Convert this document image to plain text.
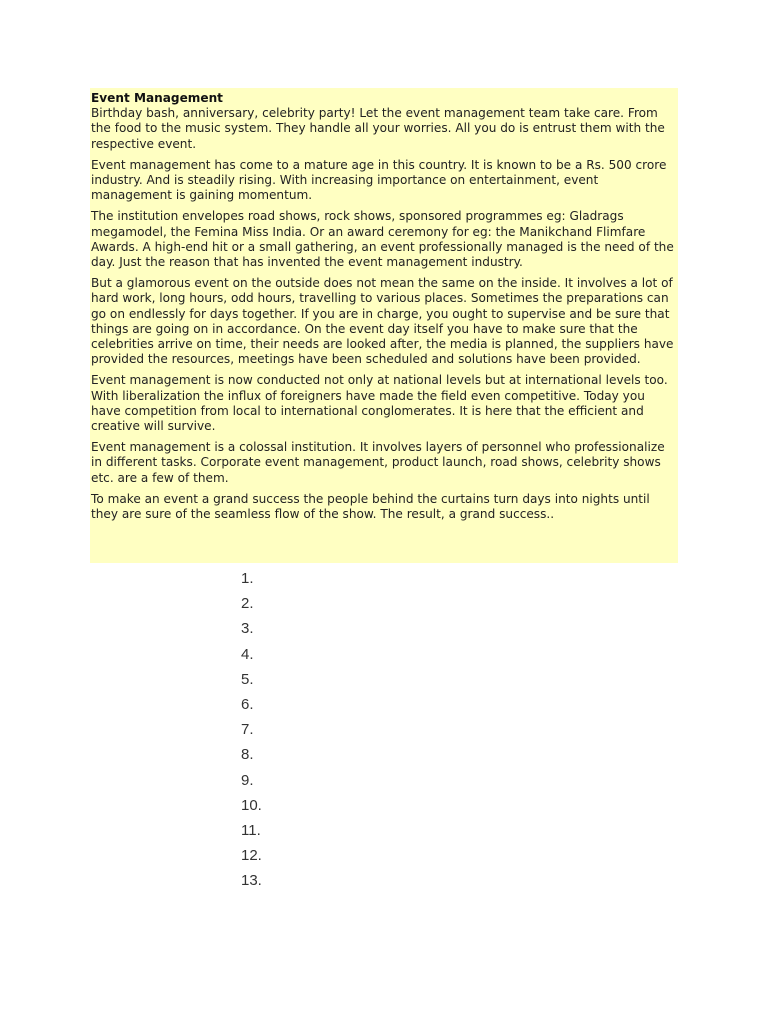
Event Management

Birthday bash, anniversary, celebrity party! Let the event management team take care. From the food to the music system. They handle all your worries. All you do is entrust them with the respective event.

Event management has come to a mature age in this country. It is known to be a Rs. 500 crore industry. And is steadily rising. With increasing importance on entertainment, event management is gaining momentum.

The institution envelopes road shows, rock shows, sponsored programmes eg: Gladrags megamodel, the Femina Miss India. Or an award ceremony for eg: the Manikchand Flimfare Awards. A high-end hit or a small gathering, an event professionally managed is the need of the day. Just the reason that has invented the event management industry.

But a glamorous event on the outside does not mean the same on the inside. It involves a lot of hard work, long hours, odd hours, travelling to various places. Sometimes the preparations can go on endlessly for days together. If you are in charge, you ought to supervise and be sure that things are going on in accordance. On the event day itself you have to make sure that the celebrities arrive on time, their needs are looked after, the media is planned, the suppliers have provided the resources, meetings have been scheduled and solutions have been provided.

Event management is now conducted not only at national levels but at international levels too. With liberalization the influx of foreigners have made the field even competitive. Today you have competition from local to international conglomerates. It is here that the efficient and creative will survive.

Event management is a colossal institution. It involves layers of personnel who professionalize in different tasks. Corporate event management, product launch, road shows, celebrity shows etc. are a few of them.

To make an event a grand success the people behind the curtains turn days into nights until they are sure of the seamless flow of the show. The result, a grand success..

1.
2.
3.
4.
5.
6.
7.
8.
9.
10.
11.
12.
13.
